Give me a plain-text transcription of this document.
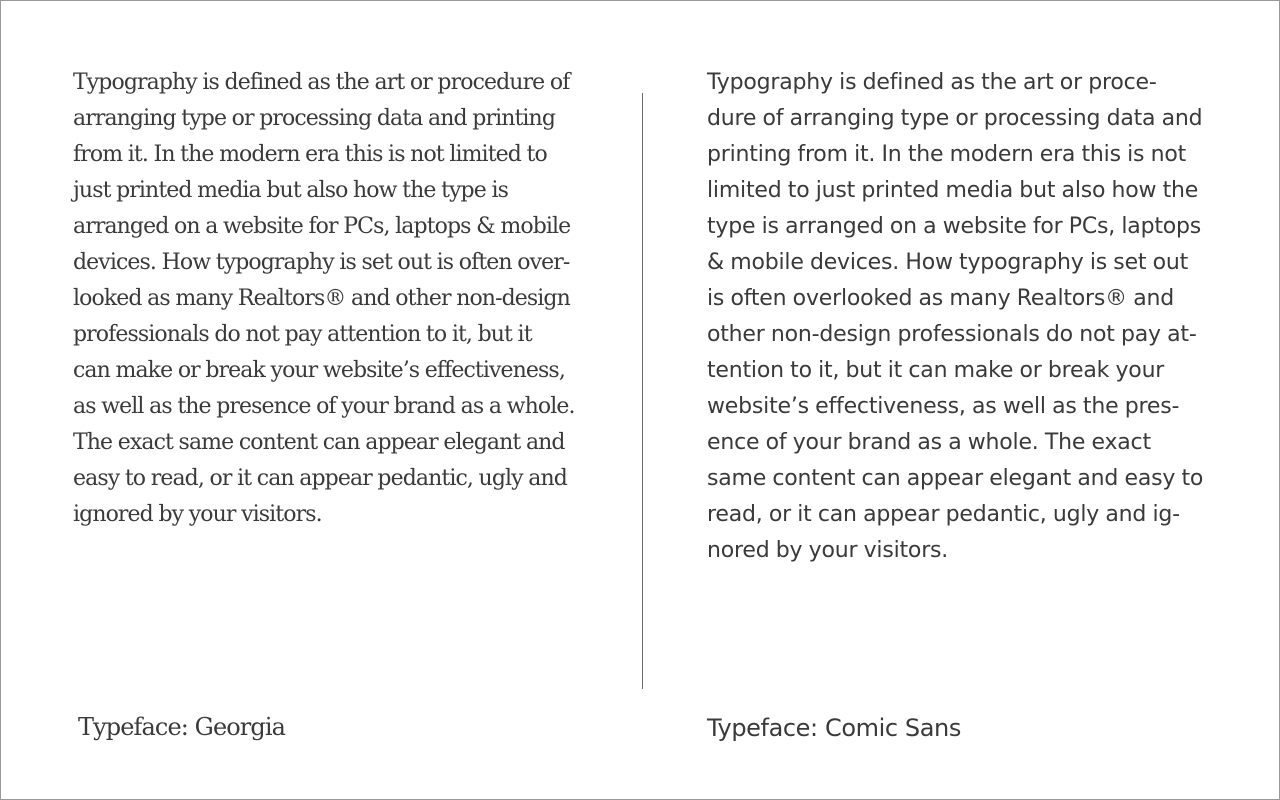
Typography is defined as the art or procedure of
arranging type or processing data and printing
from it. In the modern era this is not limited to
just printed media but also how the type is
arranged on a website for PCs, laptops & mobile
devices. How typography is set out is often over-
looked as many Realtors® and other non-design
professionals do not pay attention to it, but it
can make or break your website’s effectiveness,
as well as the presence of your brand as a whole.
The exact same content can appear elegant and
easy to read, or it can appear pedantic, ugly and
ignored by your visitors.
Typography is defined as the art or proce-
dure of arranging type or processing data and
printing from it. In the modern era this is not
limited to just printed media but also how the
type is arranged on a website for PCs, laptops
& mobile devices. How typography is set out
is often overlooked as many Realtors® and
other non-design professionals do not pay at-
tention to it, but it can make or break your
website’s effectiveness, as well as the pres-
ence of your brand as a whole. The exact
same content can appear elegant and easy to
read, or it can appear pedantic, ugly and ig-
nored by your visitors.

Typeface: Georgia	Typeface: Comic Sans
